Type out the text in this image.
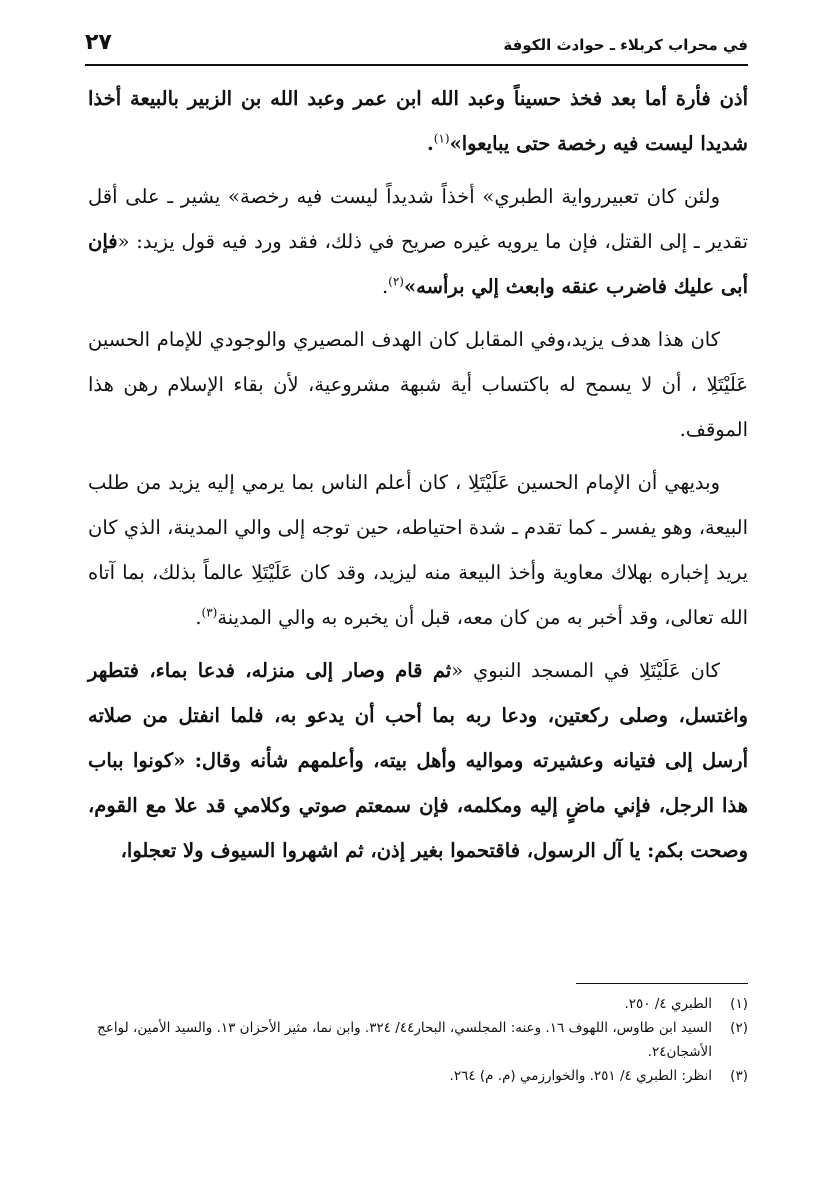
في محراب كربلاء ـ حوادث الكوفة
٢٧

أذن فأرة أما بعد فخذ حسيناً وعبد الله ابن عمر وعبد الله بن الزبير بالبيعة أخذا شديدا ليست فيه رخصة حتى يبايعوا»$^{(١)}$.

ولئن كان تعبيررواية الطبري» أخذاً شديداً ليست فيه رخصة» يشير ـ على أقل تقدير ـ إلى القتل، فإن ما يرويه غيره صريح في ذلك، فقد ورد فيه قول يزيد: «فإن أبى عليك فاضرب عنقه وابعث إلي برأسه»$^{(٢)}$.

كان هذا هدف يزيد،وفي المقابل كان الهدف المصيري والوجودي للإمام الحسين عَلَيْتَلِا ، أن لا يسمح له باكتساب أية شبهة مشروعية، لأن بقاء الإسلام رهن هذا الموقف.

وبديهي أن الإمام الحسين عَلَيْتَلِا ، كان أعلم الناس بما يرمي إليه يزيد من طلب البيعة، وهو يفسر ـ كما تقدم ـ شدة احتياطه، حين توجه إلى والي المدينة، الذي كان يريد إخباره بهلاك معاوية وأخذ البيعة منه ليزيد، وقد كان عَلَيْتَلِا عالماً بذلك، بما آتاه الله تعالى، وقد أخبر به من كان معه، قبل أن يخبره به والي المدينة$^{(٣)}$.

كان عَلَيْتَلِا في المسجد النبوي «ثم قام وصار إلى منزله، فدعا بماء، فتطهر واغتسل، وصلى ركعتين، ودعا ربه بما أحب أن يدعو به، فلما انفتل من صلاته أرسل إلى فتيانه وعشيرته ومواليه وأهل بيته، وأعلمهم شأنه وقال: «كونوا بباب هذا الرجل، فإني ماضٍ إليه ومكلمه، فإن سمعتم صوتي وكلامي قد علا مع القوم، وصحت بكم: يا آل الرسول، فاقتحموا بغير إذن، ثم اشهروا السيوف ولا تعجلوا،

(١)
الطبري ٤/ ٢٥٠.
(٢)
السيد ابن طاوس، اللهوف ١٦. وعنه: المجلسي، البحار٤٤/ ٣٢٤. وابن نما، مثير الأحزان ١٣. والسيد الأمين، لواعج الأشجان٢٤.
(٣)
انظر: الطبري ٤/ ٢٥١. والخوارزمي (م. م) ٢٦٤.
